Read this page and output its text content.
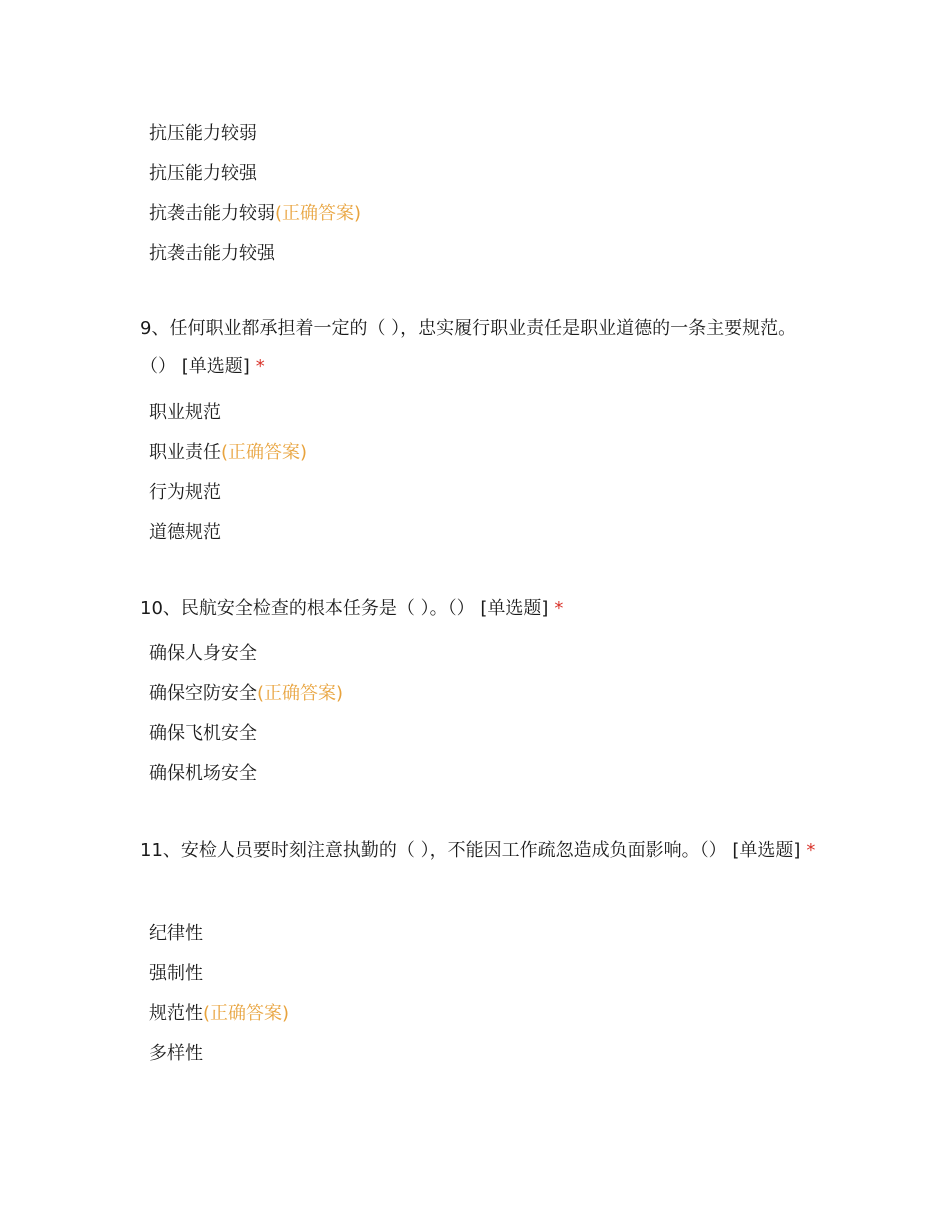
抗压能力较弱
抗压能力较强
抗袭击能力较弱(正确答案)
抗袭击能力较强

9、任何职业都承担着一定的（ ），忠实履行职业责任是职业道德的一条主要规范。（） [单选题] *

职业规范
职业责任(正确答案)
行为规范
道德规范

10、民航安全检查的根本任务是（ ）。（） [单选题] *

确保人身安全
确保空防安全(正确答案)
确保飞机安全
确保机场安全

11、安检人员要时刻注意执勤的（ ），不能因工作疏忽造成负面影响。（） [单选题] *

纪律性
强制性
规范性(正确答案)
多样性
